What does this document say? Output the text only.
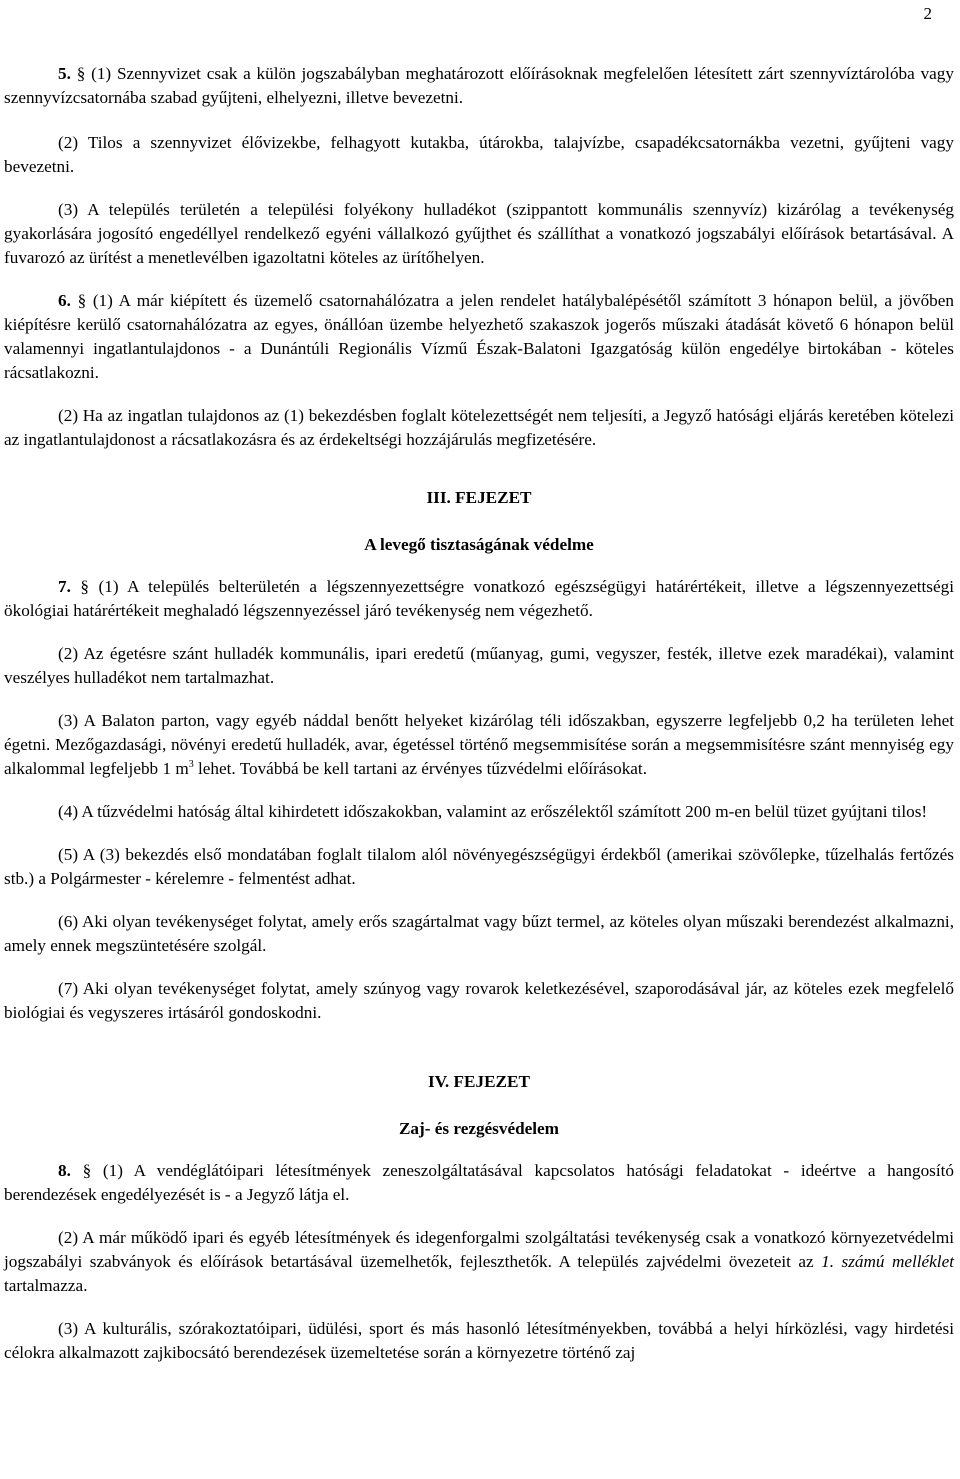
2

5. § (1) Szennyvizet csak a külön jogszabályban meghatározott előírásoknak megfelelően létesített zárt szennyvíztárolóba vagy szennyvízcsatornába szabad gyűjteni, elhelyezni, illetve bevezetni.

(2) Tilos a szennyvizet élővizekbe, felhagyott kutakba, útárokba, talajvízbe, csapadékcsatornákba vezetni, gyűjteni vagy bevezetni.

(3) A település területén a települési folyékony hulladékot (szippantott kommunális szennyvíz) kizárólag a tevékenység gyakorlására jogosító engedéllyel rendelkező egyéni vállalkozó gyűjthet és szállíthat a vonatkozó jogszabályi előírások betartásával. A fuvarozó az ürítést a menetlevélben igazoltatni köteles az ürítőhelyen.

6. § (1) A már kiépített és üzemelő csatornahálózatra a jelen rendelet hatálybalépésétől számított 3 hónapon belül, a jövőben kiépítésre kerülő csatornahálózatra az egyes, önállóan üzembe helyezhető szakaszok jogerős műszaki átadását követő 6 hónapon belül valamennyi ingatlantulajdonos - a Dunántúli Regionális Vízmű Észak-Balatoni Igazgatóság külön engedélye birtokában - köteles rácsatlakozni.

(2) Ha az ingatlan tulajdonos az (1) bekezdésben foglalt kötelezettségét nem teljesíti, a Jegyző hatósági eljárás keretében kötelezi az ingatlantulajdonost a rácsatlakozásra és az érdekeltségi hozzájárulás megfizetésére.

III. FEJEZET
A levegő tisztaságának védelme

7. § (1) A település belterületén a légszennyezettségre vonatkozó egészségügyi határértékeit, illetve a légszennyezettségi ökológiai határértékeit meghaladó légszennyezéssel járó tevékenység nem végezhető.

(2) Az égetésre szánt hulladék kommunális, ipari eredetű (műanyag, gumi, vegyszer, festék, illetve ezek maradékai), valamint veszélyes hulladékot nem tartalmazhat.

(3) A Balaton parton, vagy egyéb náddal benőtt helyeket kizárólag téli időszakban, egyszerre legfeljebb 0,2 ha területen lehet égetni. Mezőgazdasági, növényi eredetű hulladék, avar, égetéssel történő megsemmisítése során a megsemmisítésre szánt mennyiség egy alkalommal legfeljebb 1 $m^3$ lehet. Továbbá be kell tartani az érvényes tűzvédelmi előírásokat.

(4) A tűzvédelmi hatóság által kihirdetett időszakokban, valamint az erőszélektől számított 200 m-en belül tüzet gyújtani tilos!

(5) A (3) bekezdés első mondatában foglalt tilalom alól növényegészségügyi érdekből (amerikai szövőlepke, tűzelhalás fertőzés stb.) a Polgármester - kérelemre - felmentést adhat.

(6) Aki olyan tevékenységet folytat, amely erős szagártalmat vagy bűzt termel, az köteles olyan műszaki berendezést alkalmazni, amely ennek megszüntetésére szolgál.

(7) Aki olyan tevékenységet folytat, amely szúnyog vagy rovarok keletkezésével, szaporodásával jár, az köteles ezek megfelelő biológiai és vegyszeres irtásáról gondoskodni.

IV. FEJEZET
Zaj- és rezgésvédelem

8. § (1) A vendéglátóipari létesítmények zeneszolgáltatásával kapcsolatos hatósági feladatokat - ideértve a hangosító berendezések engedélyezését is - a Jegyző látja el.

(2) A már működő ipari és egyéb létesítmények és idegenforgalmi szolgáltatási tevékenység csak a vonatkozó környezetvédelmi jogszabályi szabványok és előírások betartásával üzemelhetők, fejleszthetők. A település zajvédelmi övezeteit az 1. számú melléklet tartalmazza.

(3) A kulturális, szórakoztatóipari, üdülési, sport és más hasonló létesítményekben, továbbá a helyi hírközlési, vagy hirdetési célokra alkalmazott zajkibocsátó berendezések üzemeltetése során a környezetre történő zaj
